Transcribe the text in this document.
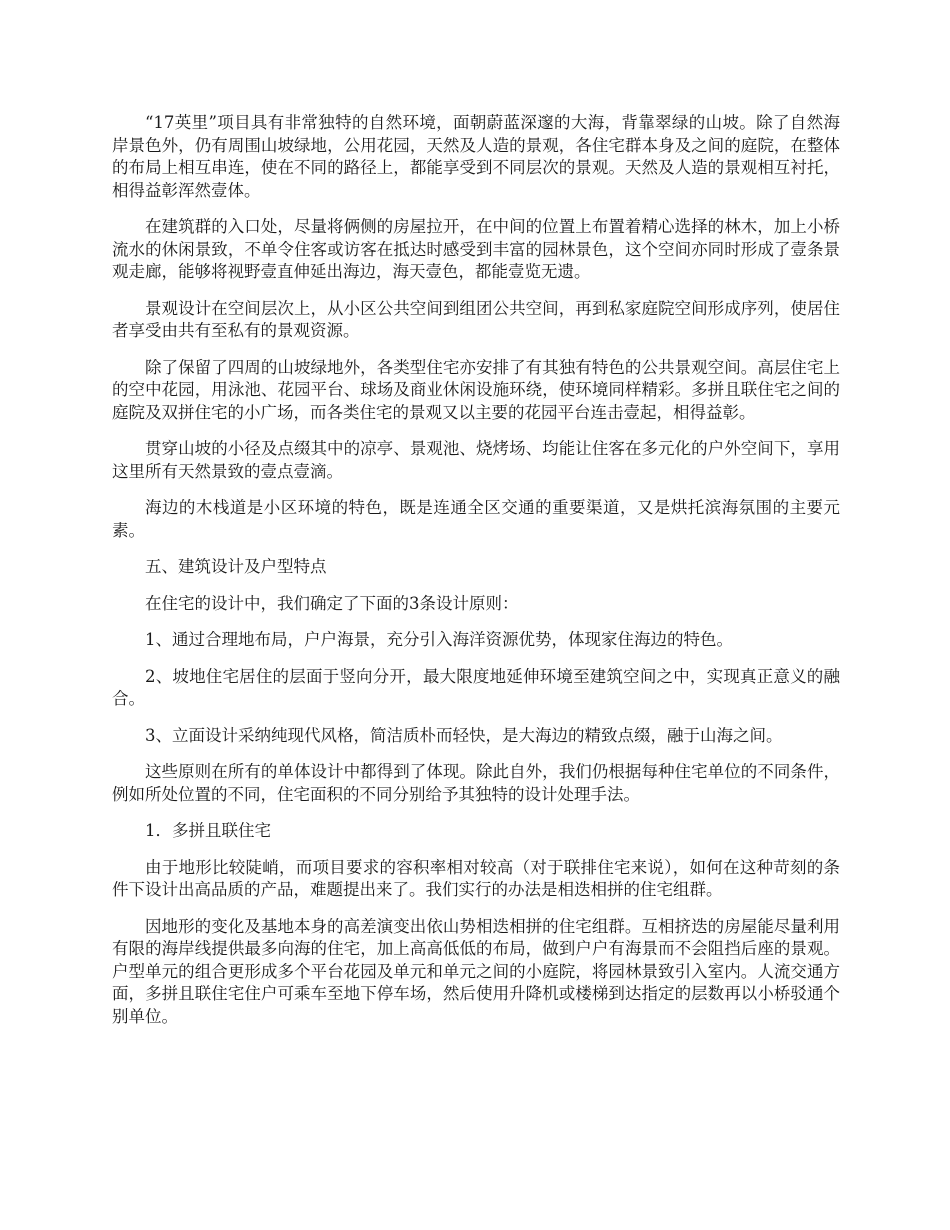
“17英里”项目具有非常独特的自然环境，面朝蔚蓝深邃的大海，背靠翠绿的山坡。除了自然海岸景色外，仍有周围山坡绿地，公用花园，天然及人造的景观，各住宅群本身及之间的庭院，在整体的布局上相互串连，使在不同的路径上，都能享受到不同层次的景观。天然及人造的景观相互衬托，相得益彰浑然壹体。

在建筑群的入口处，尽量将俩侧的房屋拉开，在中间的位置上布置着精心选择的林木，加上小桥流水的休闲景致，不单令住客或访客在抵达时感受到丰富的园林景色，这个空间亦同时形成了壹条景观走廊，能够将视野壹直伸延出海边，海天壹色，都能壹览无遗。

景观设计在空间层次上，从小区公共空间到组团公共空间，再到私家庭院空间形成序列，使居住者享受由共有至私有的景观资源。

除了保留了四周的山坡绿地外，各类型住宅亦安排了有其独有特色的公共景观空间。高层住宅上的空中花园，用泳池、花园平台、球场及商业休闲设施环绕，使环境同样精彩。多拼且联住宅之间的庭院及双拼住宅的小广场，而各类住宅的景观又以主要的花园平台连击壹起，相得益彰。

贯穿山坡的小径及点缀其中的凉亭、景观池、烧烤场、均能让住客在多元化的户外空间下，享用这里所有天然景致的壹点壹滴。

海边的木栈道是小区环境的特色，既是连通全区交通的重要渠道，又是烘托滨海氛围的主要元素。

五、建筑设计及户型特点

在住宅的设计中，我们确定了下面的3条设计原则：

1、通过合理地布局，户户海景，充分引入海洋资源优势，体现家住海边的特色。

2、坡地住宅居住的层面于竖向分开，最大限度地延伸环境至建筑空间之中，实现真正意义的融合。

3、立面设计采纳纯现代风格，简洁质朴而轻快，是大海边的精致点缀，融于山海之间。

这些原则在所有的单体设计中都得到了体现。除此自外，我们仍根据每种住宅单位的不同条件，例如所处位置的不同，住宅面积的不同分别给予其独特的设计处理手法。

1．多拼且联住宅

由于地形比较陡峭，而项目要求的容积率相对较高（对于联排住宅来说），如何在这种苛刻的条件下设计出高品质的产品，难题提出来了。我们实行的办法是相迭相拼的住宅组群。

因地形的变化及基地本身的高差演变出依山势相迭相拼的住宅组群。互相挤迭的房屋能尽量利用有限的海岸线提供最多向海的住宅，加上高高低低的布局，做到户户有海景而不会阻挡后座的景观。户型单元的组合更形成多个平台花园及单元和单元之间的小庭院，将园林景致引入室内。人流交通方面，多拼且联住宅住户可乘车至地下停车场，然后使用升降机或楼梯到达指定的层数再以小桥驳通个别单位。
